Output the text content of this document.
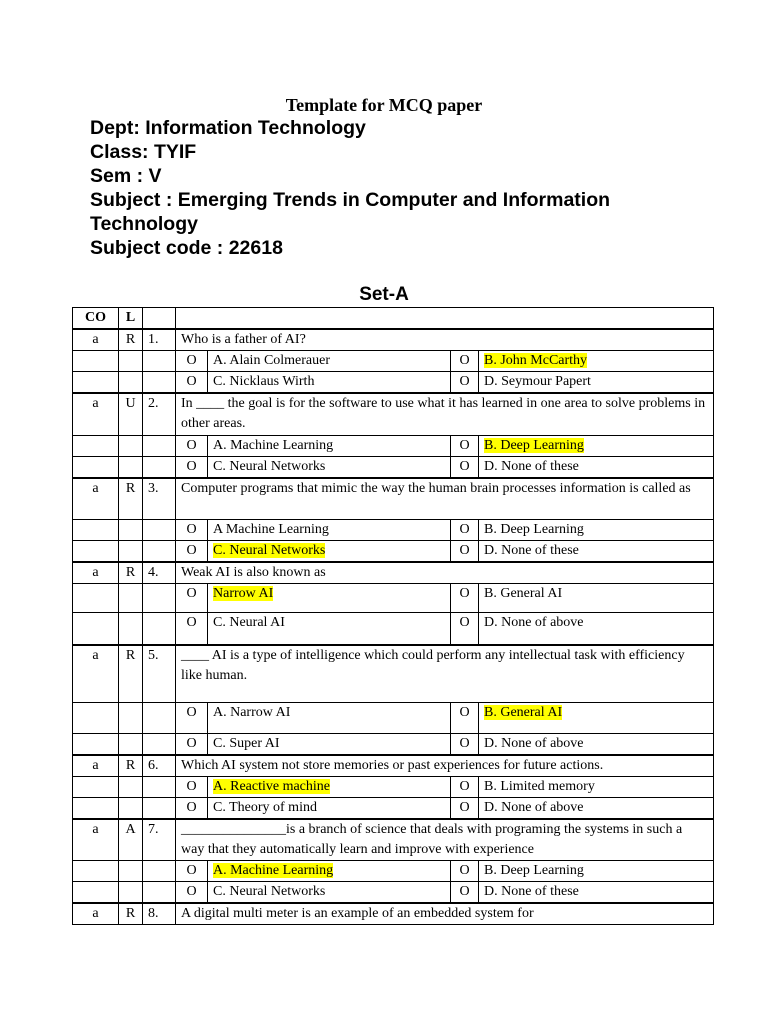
Template for MCQ paper
Dept: Information Technology
Class: TYIF
Sem : V
Subject : Emerging Trends in Computer and Information
Technology
Subject code : 22618
Set-A
CO	L					
a	R	1.	Who is a father of AI?			
			O	A. Alain Colmerauer	O	B. John McCarthy
			O	C. Nicklaus Wirth	O	D. Seymour Papert
a	U	2.	In ____ the goal is for the software to use what it has learned in one area to solve problems in other areas.			
			O	A. Machine Learning	O	B. Deep Learning
			O	C. Neural Networks	O	D. None of these
a	R	3.	Computer programs that mimic the way the human brain processes information is called as			
			O	A Machine Learning	O	B. Deep Learning
			O	C. Neural Networks	O	D. None of these
a	R	4.	Weak AI is also known as			
			O	Narrow AI	O	B. General AI
			O	C. Neural AI	O	D. None of above
a	R	5.	____ AI is a type of intelligence which could perform any intellectual task with efficiency like human.			
			O	A. Narrow AI	O	B. General AI
			O	C. Super AI	O	D. None of above
a	R	6.	Which AI system not store memories or past experiences for future actions.			
			O	A. Reactive machine	O	B. Limited memory
			O	C. Theory of mind	O	D. None of above
a	A	7.	_______________is a branch of science that deals with programing the systems in such a way that they automatically learn and improve with experience			
			O	A. Machine Learning	O	B. Deep Learning
			O	C. Neural Networks	O	D. None of these
a	R	8.	A digital multi meter is an example of an embedded system for			
